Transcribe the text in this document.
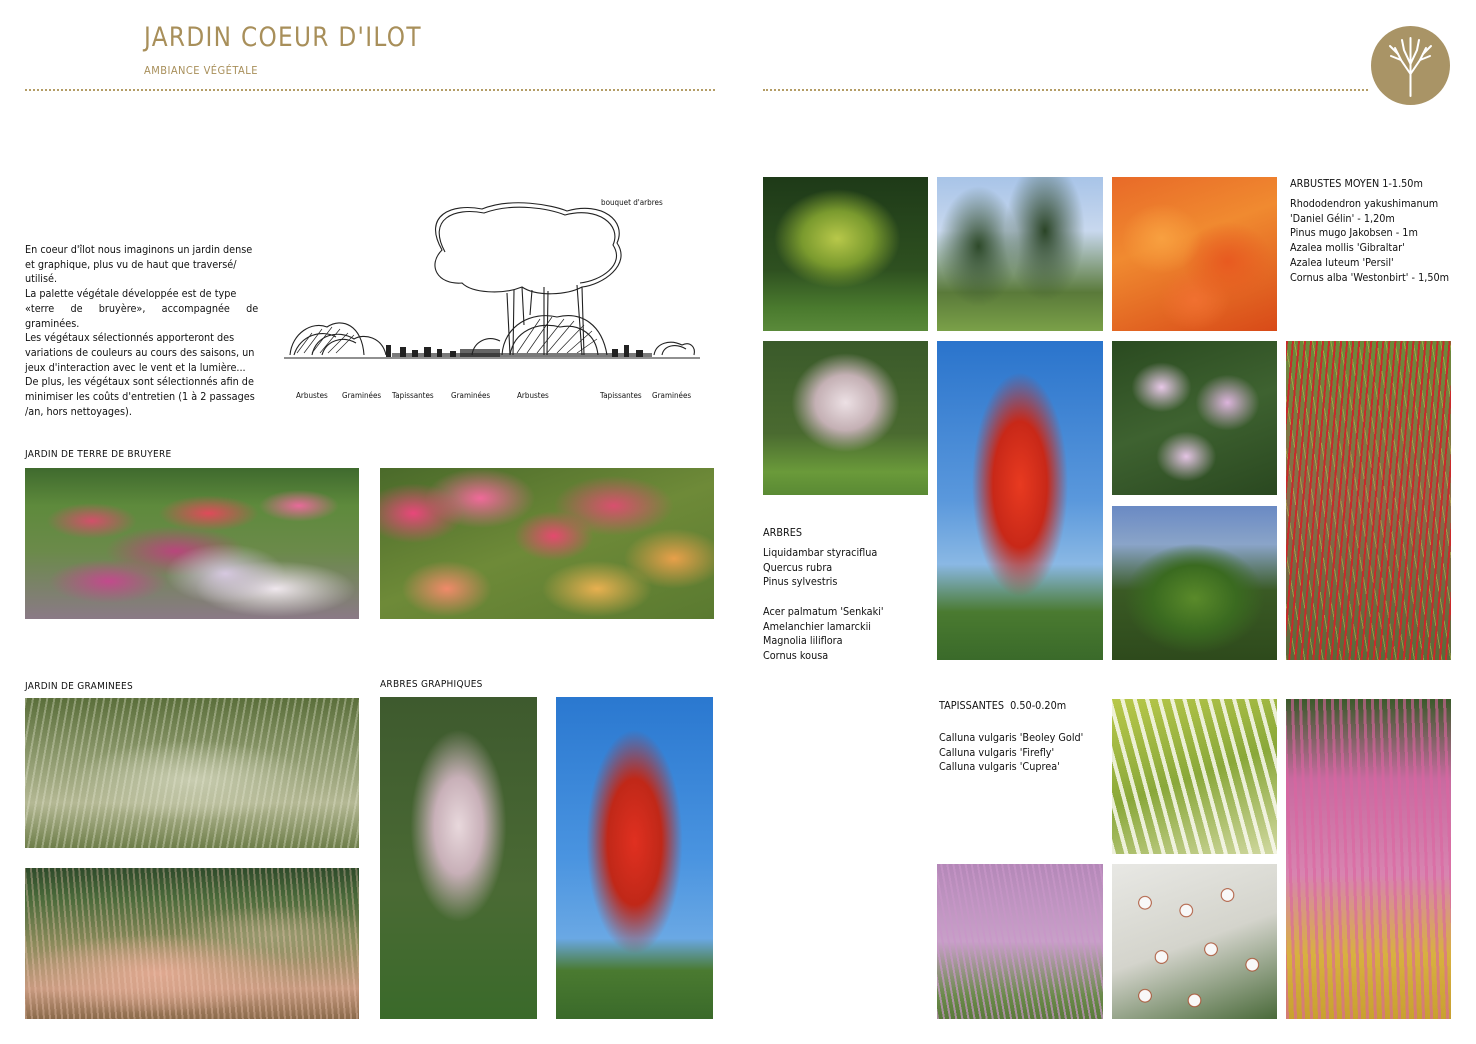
JARDIN COEUR D'ILOT
AMBIANCE VÉGÉTALE
En coeur d'îlot nous imaginons un jardin dense
et graphique, plus vu de haut que traversé/
utilisé.
La palette végétale développée est de type
«terre de bruyère», accompagnée de graminées.
Les végétaux sélectionnés apporteront des
variations de couleurs au cours des saisons, un
jeux d'interaction avec le vent et la lumière...
De plus, les végétaux sont sélectionnés afin de
minimiser les coûts d'entretien (1 à 2 passages
/an, hors nettoyages).
bouquet d'arbres
Arbustes Graminées Tapissantes Graminées	Arbustes	Tapissantes Graminées
JARDIN DE TERRE DE BRUYERE
JARDIN DE GRAMINEES	ARBRES GRAPHIQUES
ARBUSTES MOYEN 1-1.50m
Rhododendron yakushimanum
'Daniel Gélin' - 1,20m
Pinus mugo Jakobsen - 1m
Azalea mollis 'Gibraltar'
Azalea luteum 'Persil'
Cornus alba 'Westonbirt' - 1,50m
ARBRES
Liquidambar styraciflua
Quercus rubra
Pinus sylvestris
Acer palmatum 'Senkaki'
Amelanchier lamarckii
Magnolia liliflora
Cornus kousa
TAPISSANTES  0.50-0.20m
Calluna vulgaris 'Beoley Gold'
Calluna vulgaris 'Firefly'
Calluna vulgaris 'Cuprea'
